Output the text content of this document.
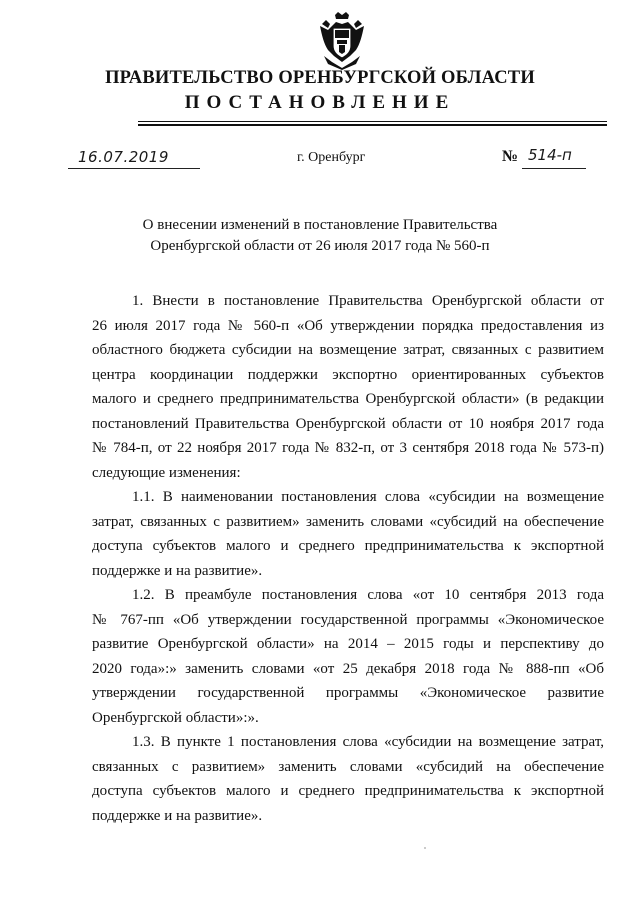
ПРАВИТЕЛЬСТВО ОРЕНБУРГСКОЙ ОБЛАСТИ
ПОСТАНОВЛЕНИЕ
16.07.2019	г. Оренбург	№ 514-п
О внесении изменений в постановление Правительства
Оренбургской области от 26 июля 2017 года № 560-п
1. Внести в постановление Правительства Оренбургской области от
26 июля 2017 года № 560-п «Об утверждении порядка предоставления из
областного бюджета субсидии на возмещение затрат, связанных с развитием
центра координации поддержки экспортно ориентированных субъектов
малого и среднего предпринимательства Оренбургской области» (в редакции
постановлений Правительства Оренбургской области от 10 ноября 2017 года
№ 784-п, от 22 ноября 2017 года № 832-п, от 3 сентября 2018 года № 573-п)
следующие изменения:
1.1. В наименовании постановления слова «субсидии на возмещение
затрат, связанных с развитием» заменить словами «субсидий на обеспечение
доступа субъектов малого и среднего предпринимательства к экспортной
поддержке и на развитие».
1.2. В преамбуле постановления слова «от 10 сентября 2013 года
№ 767-пп «Об утверждении государственной программы «Экономическое
развитие Оренбургской области» на 2014 – 2015 годы и перспективу до
2020 года»:» заменить словами «от 25 декабря 2018 года № 888-пп «Об
утверждении государственной программы «Экономическое развитие
Оренбургской области»:».
1.3. В пункте 1 постановления слова «субсидии на возмещение затрат,
связанных с развитием» заменить словами «субсидий на обеспечение
доступа субъектов малого и среднего предпринимательства к экспортной
поддержке и на развитие».
